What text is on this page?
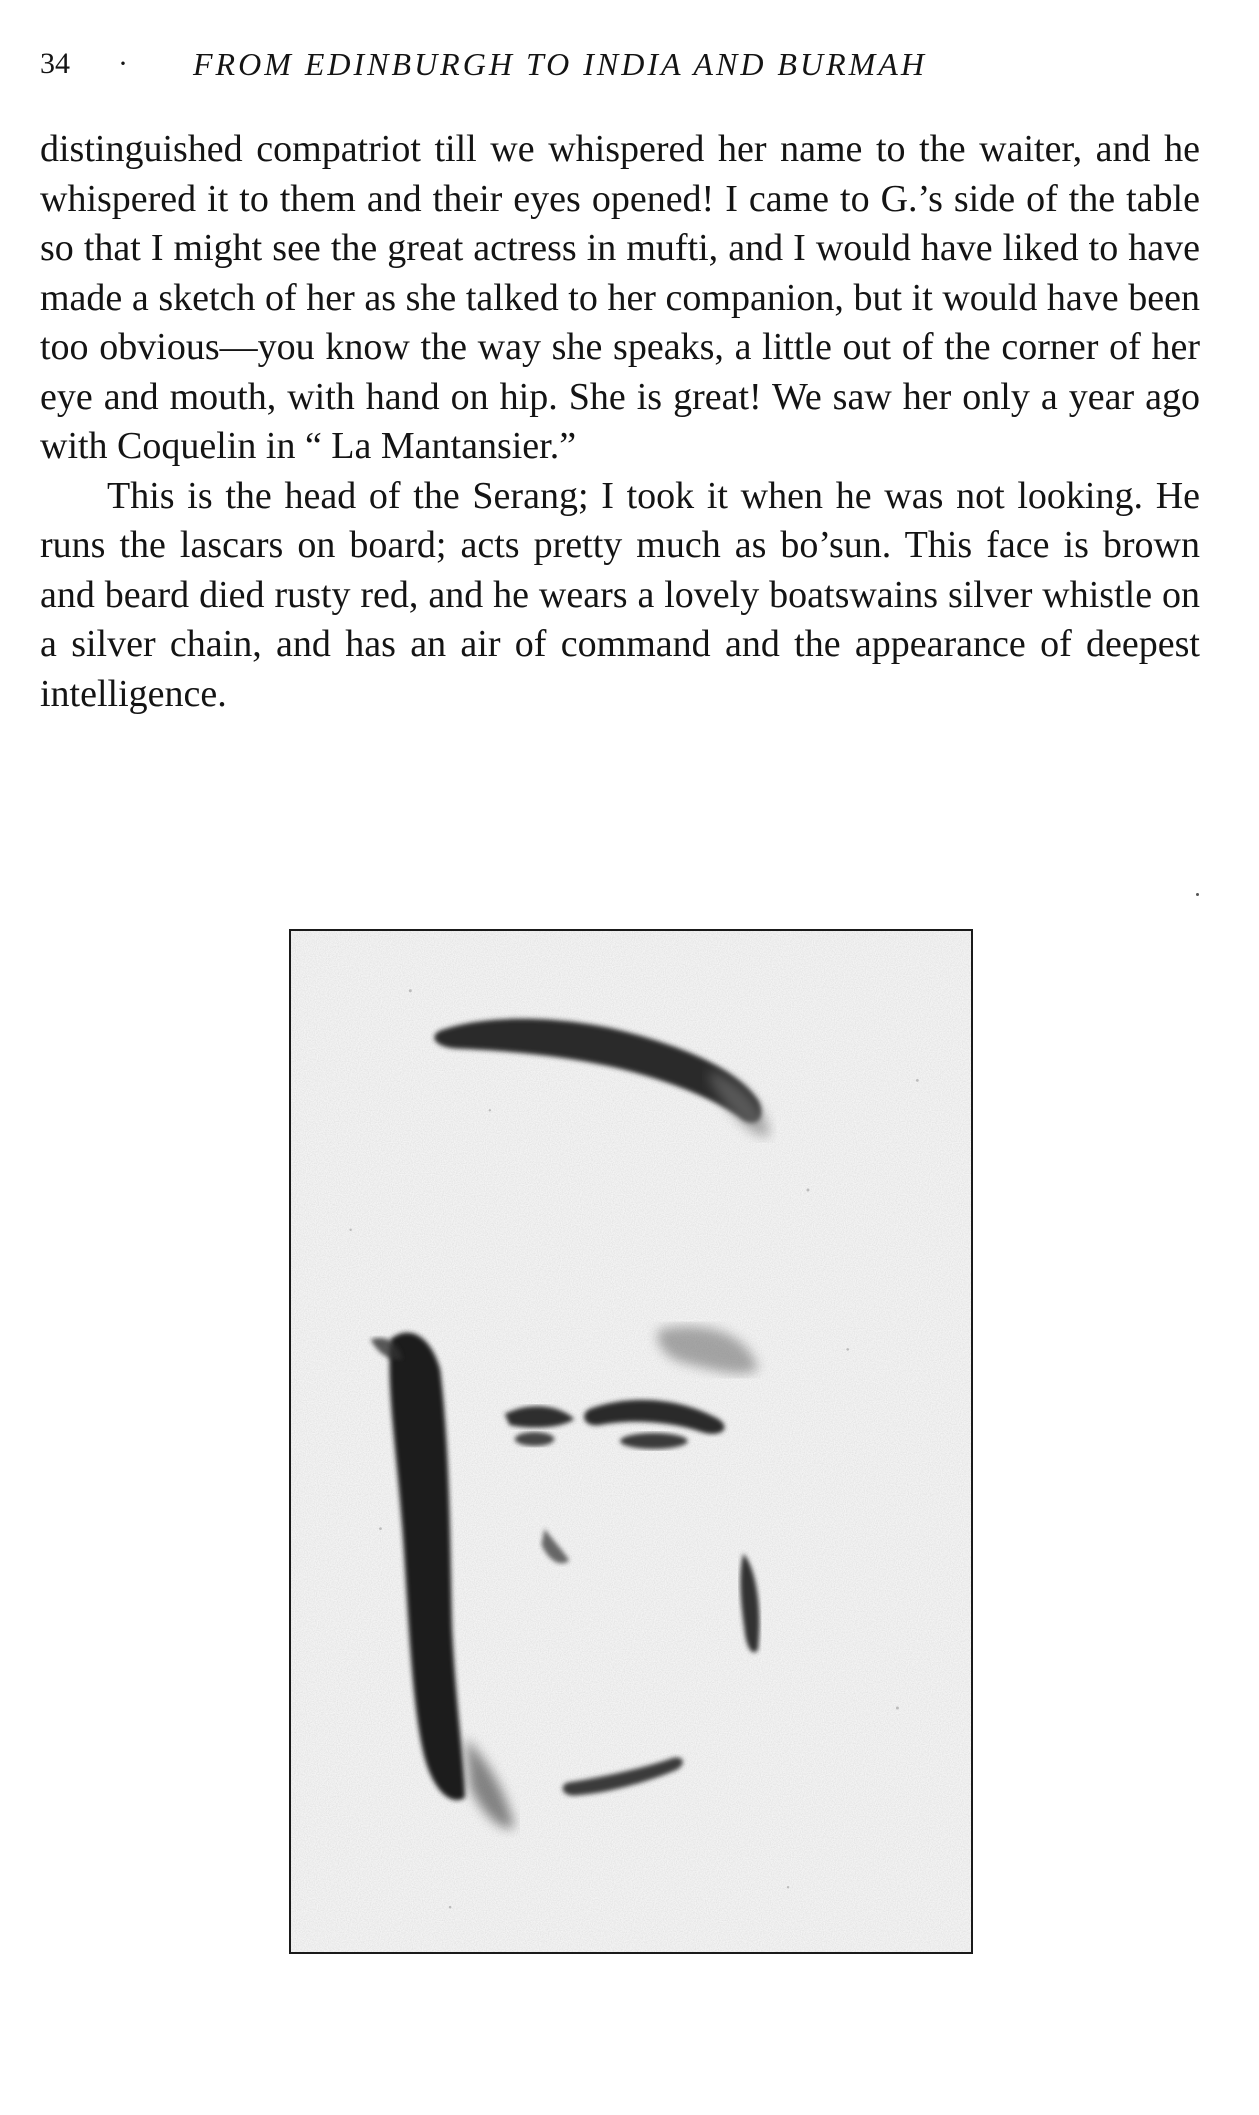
34 · FROM EDINBURGH TO INDIA AND BURMAH

distinguished compatriot till we whispered her name to the waiter, and he whispered it to them and their eyes opened! I came to G.’s side of the table so that I might see the great actress in mufti, and I would have liked to have made a sketch of her as she talked to her companion, but it would have been too obvious—you know the way she speaks, a little out of the corner of her eye and mouth, with hand on hip. She is great! We saw her only a year ago with Coquelin in “ La Mantansier.”

This is the head of the Serang; I took it when he was not looking. He runs the lascars on board; acts pretty much as bo’sun. This face is brown and beard died rusty red, and he wears a lovely boatswains silver whistle on a silver chain, and has an air of command and the appearance of deepest intelligence.
